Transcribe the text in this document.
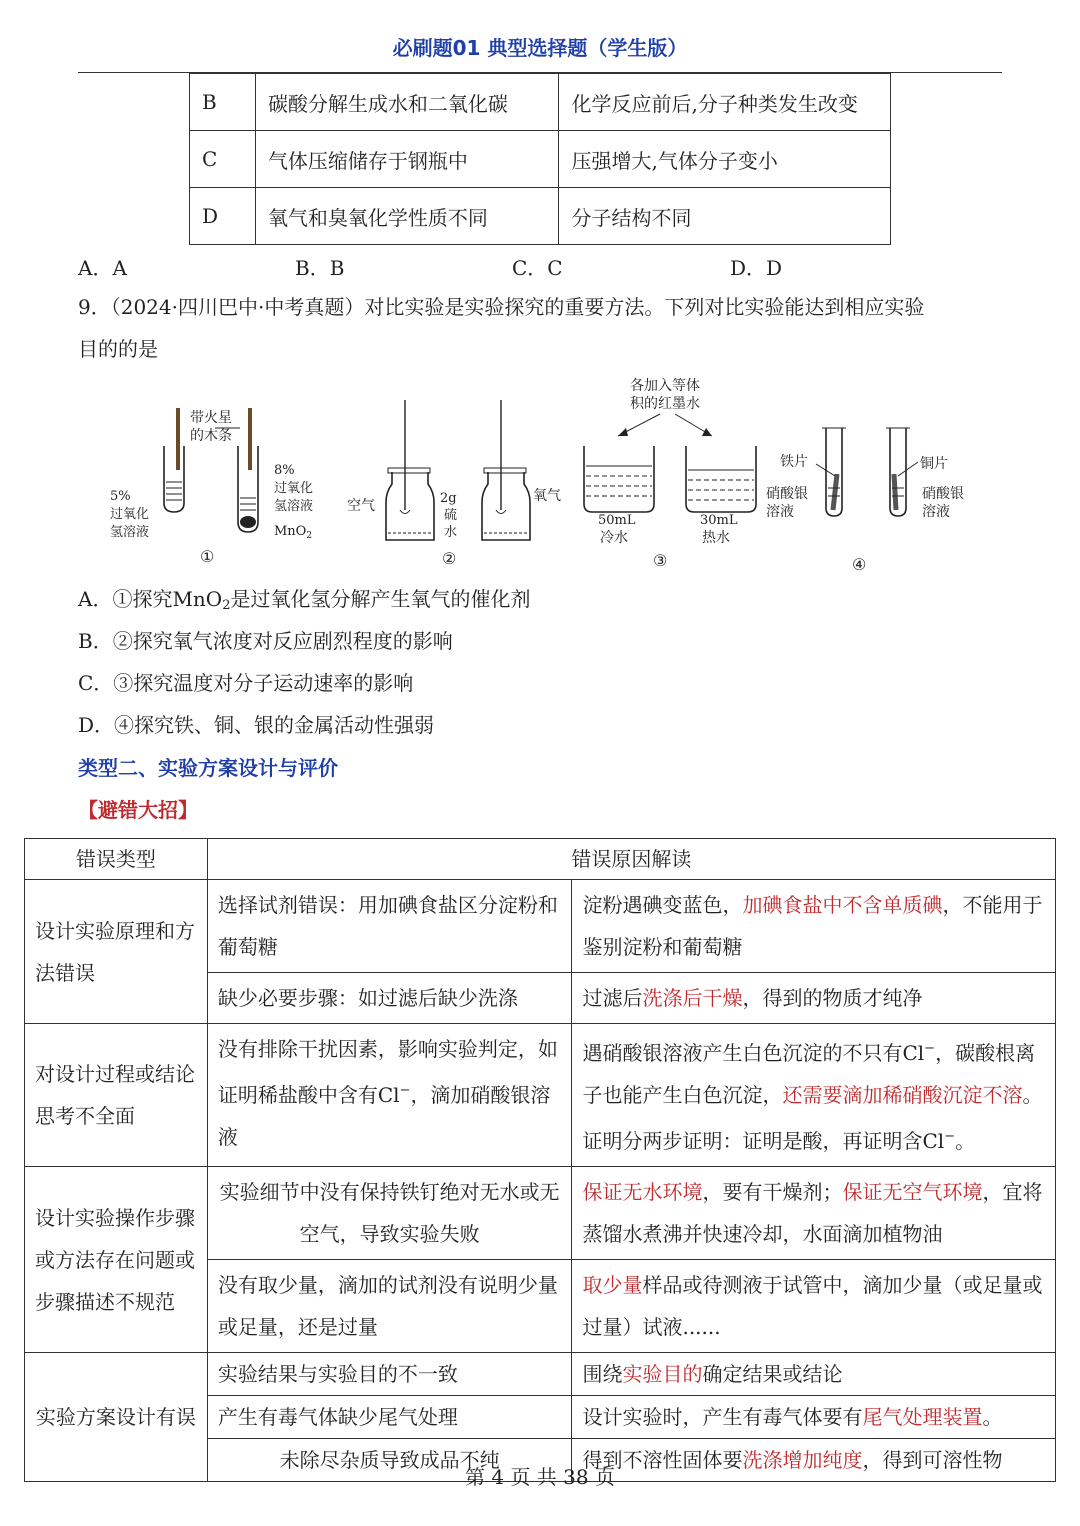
必刷题01 典型选择题（学生版）
B	碳酸分解生成水和二氧化碳	化学反应前后,分子种类发生改变
C	气体压缩储存于钢瓶中	压强增大,气体分子变小
D	氧气和臭氧化学性质不同	分子结构不同
A．A	B．B	C．C	D．D
9．（2024·四川巴中·中考真题）对比实验是实验探究的重要方法。下列对比实验能达到相应实验
目的的是
带火星
的木条
5%
过氧化
氢溶液
8%
过氧化
氢溶液
MnO$_2$
①
空气
氧气
2g
硫
水
②
各加入等体
积的红墨水
50mL
冷水
30mL
热水
③
铁片
硝酸银
溶液
铜片
硝酸银
溶液
④
A．①探究MnO$_2$是过氧化氢分解产生氧气的催化剂
B．②探究氧气浓度对反应剧烈程度的影响
C．③探究温度对分子运动速率的影响
D．④探究铁、铜、银的金属活动性强弱
类型二、实验方案设计与评价
【避错大招】
错误类型	错误原因解读	
设计实验原理和方法错误	选择试剂错误：用加碘食盐区分淀粉和葡萄糖	淀粉遇碘变蓝色，加碘食盐中不含单质碘，不能用于鉴别淀粉和葡萄糖
	缺少必要步骤：如过滤后缺少洗涤	过滤后洗涤后干燥，得到的物质才纯净
对设计过程或结论思考不全面	没有排除干扰因素，影响实验判定，如证明稀盐酸中含有Cl−，滴加硝酸银溶液	遇硝酸银溶液产生白色沉淀的不只有Cl−，碳酸根离子也能产生白色沉淀，还需要滴加稀硝酸沉淀不溶。证明分两步证明：证明是酸，再证明含Cl−。
设计实验操作步骤或方法存在问题或步骤描述不规范	实验细节中没有保持铁钉绝对无水或无空气，导致实验失败	保证无水环境，要有干燥剂；保证无空气环境，宜将蒸馏水煮沸并快速冷却，水面滴加植物油
	没有取少量，滴加的试剂没有说明少量或足量，还是过量	取少量样品或待测液于试管中，滴加少量（或足量或过量）试液......
实验方案设计有误	实验结果与实验目的不一致	围绕实验目的确定结果或结论
	产生有毒气体缺少尾气处理	设计实验时，产生有毒气体要有尾气处理装置。
	未除尽杂质导致成品不纯	得到不溶性固体要洗涤增加纯度，得到可溶性物
第 4 页 共 38 页
